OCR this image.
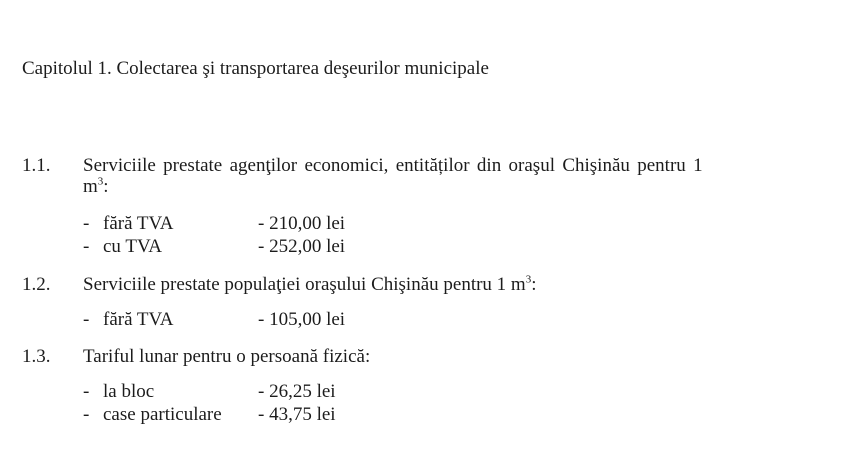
Capitolul 1. Colectarea şi transportarea deşeurilor municipale
1.1. Serviciile prestate agenţilor economici, entităților din oraşul Chişinău pentru 1
$m^3$:
- fără TVA	- 210,00 lei
- cu TVA	- 252,00 lei
1.2. Serviciile prestate populaţiei oraşului Chişinău pentru 1 $m^3$:
- fără TVA	- 105,00 lei
1.3. Tariful lunar pentru o persoană fizică:
- la bloc	- 26,25 lei
- case particulare - 43,75 lei
